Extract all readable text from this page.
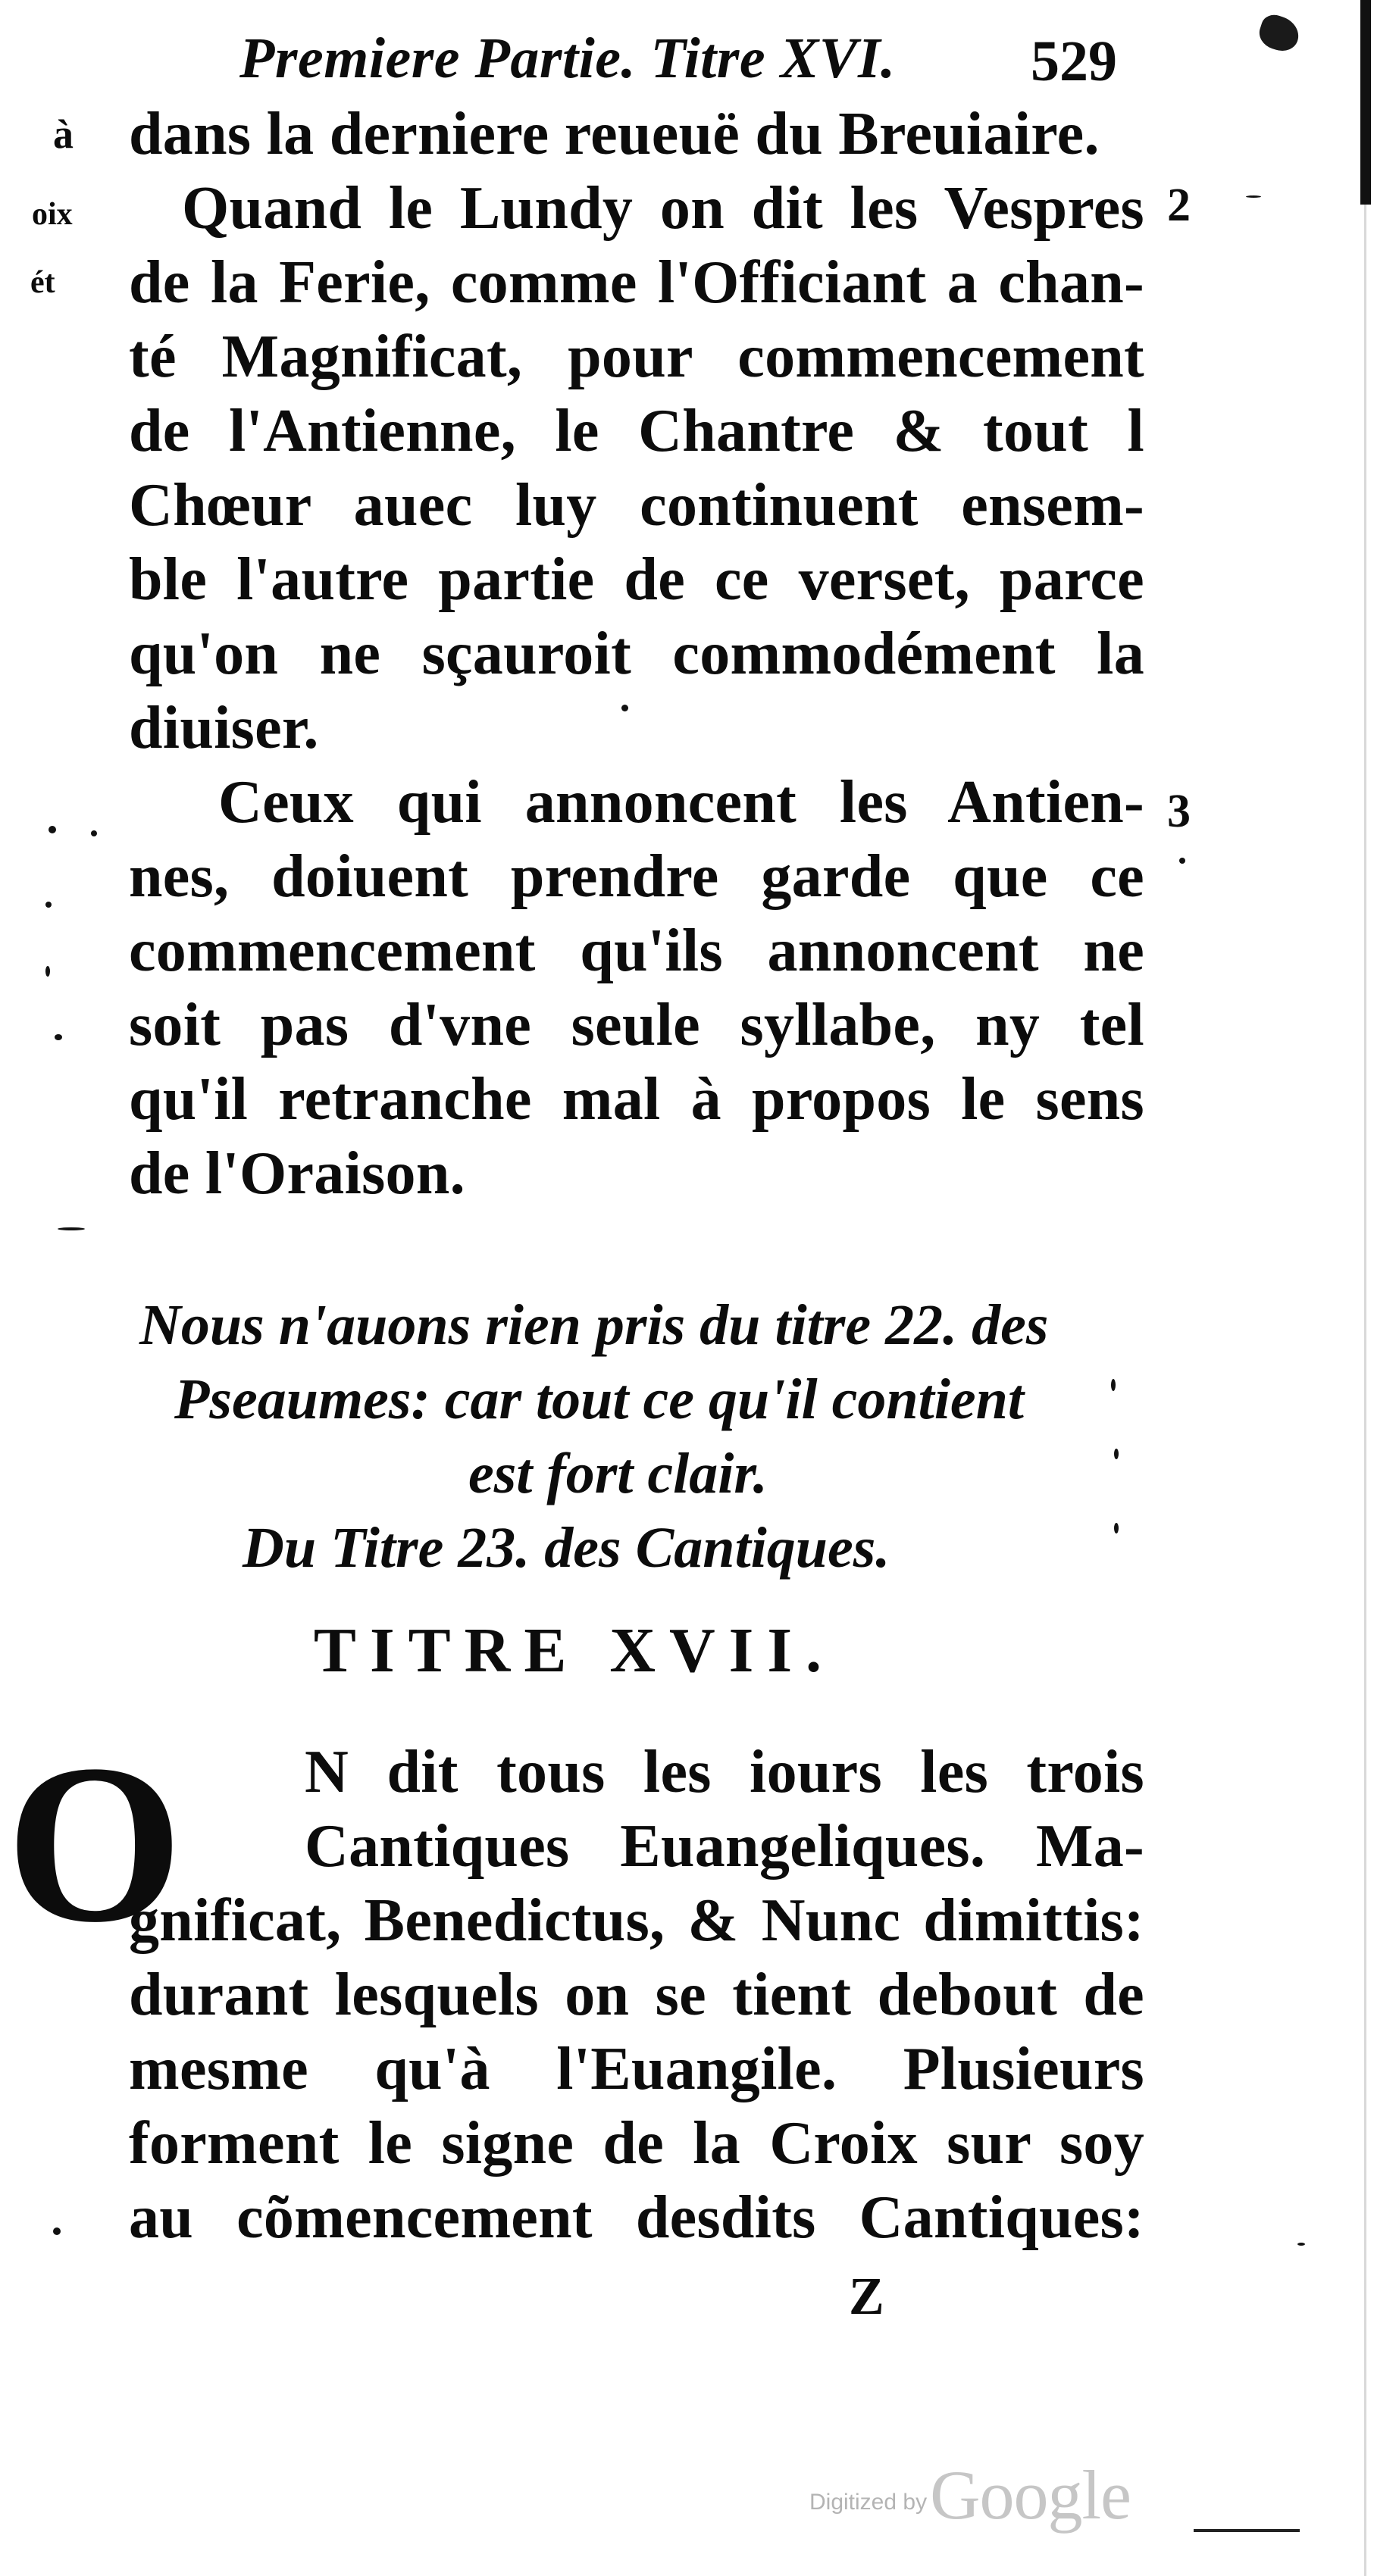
à
oix
ét
2
3
Premiere Partie. Titre XVI. 529
dans la derniere reueuë du Breuiaire.
Quand le Lundy on dit les Vespres
de la Ferie, comme l'Officiant a chan-
té Magnificat, pour commencement
de l'Antienne, le Chantre & tout l
Chœur auec luy continuent ensem-
ble l'autre partie de ce verset, parce
qu'on ne sçauroit commodément la
diuiser.
Ceux qui annoncent les Antien-
nes, doiuent prendre garde que ce
commencement qu'ils annoncent ne
soit pas d'vne seule syllabe, ny tel
qu'il retranche mal à propos le sens
de l'Oraison.
Nous n'auons rien pris du titre 22. des
Pseaumes: car tout ce qu'il contient
est fort clair.
Du Titre 23. des Cantiques.
TITRE XVII.
O	N dit tous les iours les trois
Cantiques Euangeliques. Ma-
gnificat, Benedictus, & Nunc dimittis:
durant lesquels on se tient debout de
mesme qu'à l'Euangile. Plusieurs
forment le signe de la Croix sur soy
au cõmencement desdits Cantiques:
Z
Digitized by Google
